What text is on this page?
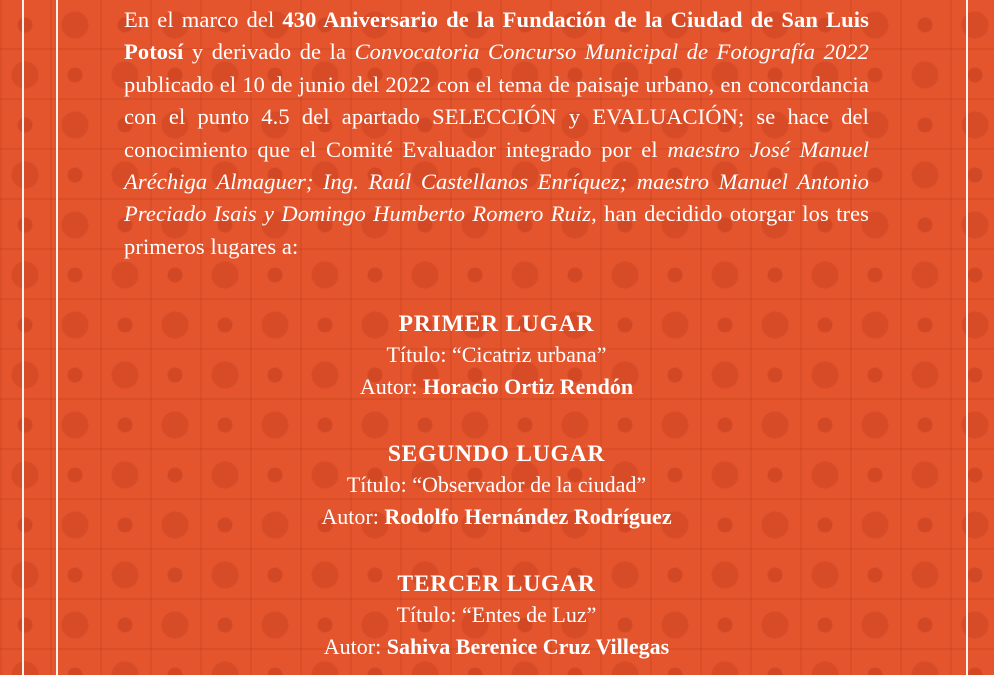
En el marco del 430 Aniversario de la Fundación de la Ciudad de San Luis Potosí y derivado de la Convocatoria Concurso Municipal de Fotografía 2022 publicado el 10 de junio del 2022 con el tema de paisaje urbano, en concordancia con el punto 4.5 del apartado SELECCIÓN y EVALUACIÓN; se hace del conocimiento que el Comité Evaluador integrado por el maestro José Manuel Aréchiga Almaguer; Ing. Raúl Castellanos Enríquez; maestro Manuel Antonio Preciado Isais y Domingo Humberto Romero Ruiz, han decidido otorgar los tres primeros lugares a:

PRIMER LUGAR
Título: “Cicatriz urbana”
Autor: Horacio Ortiz Rendón
SEGUNDO LUGAR
Título: “Observador de la ciudad”
Autor: Rodolfo Hernández Rodríguez
TERCER LUGAR
Título: “Entes de Luz”
Autor: Sahiva Berenice Cruz Villegas
